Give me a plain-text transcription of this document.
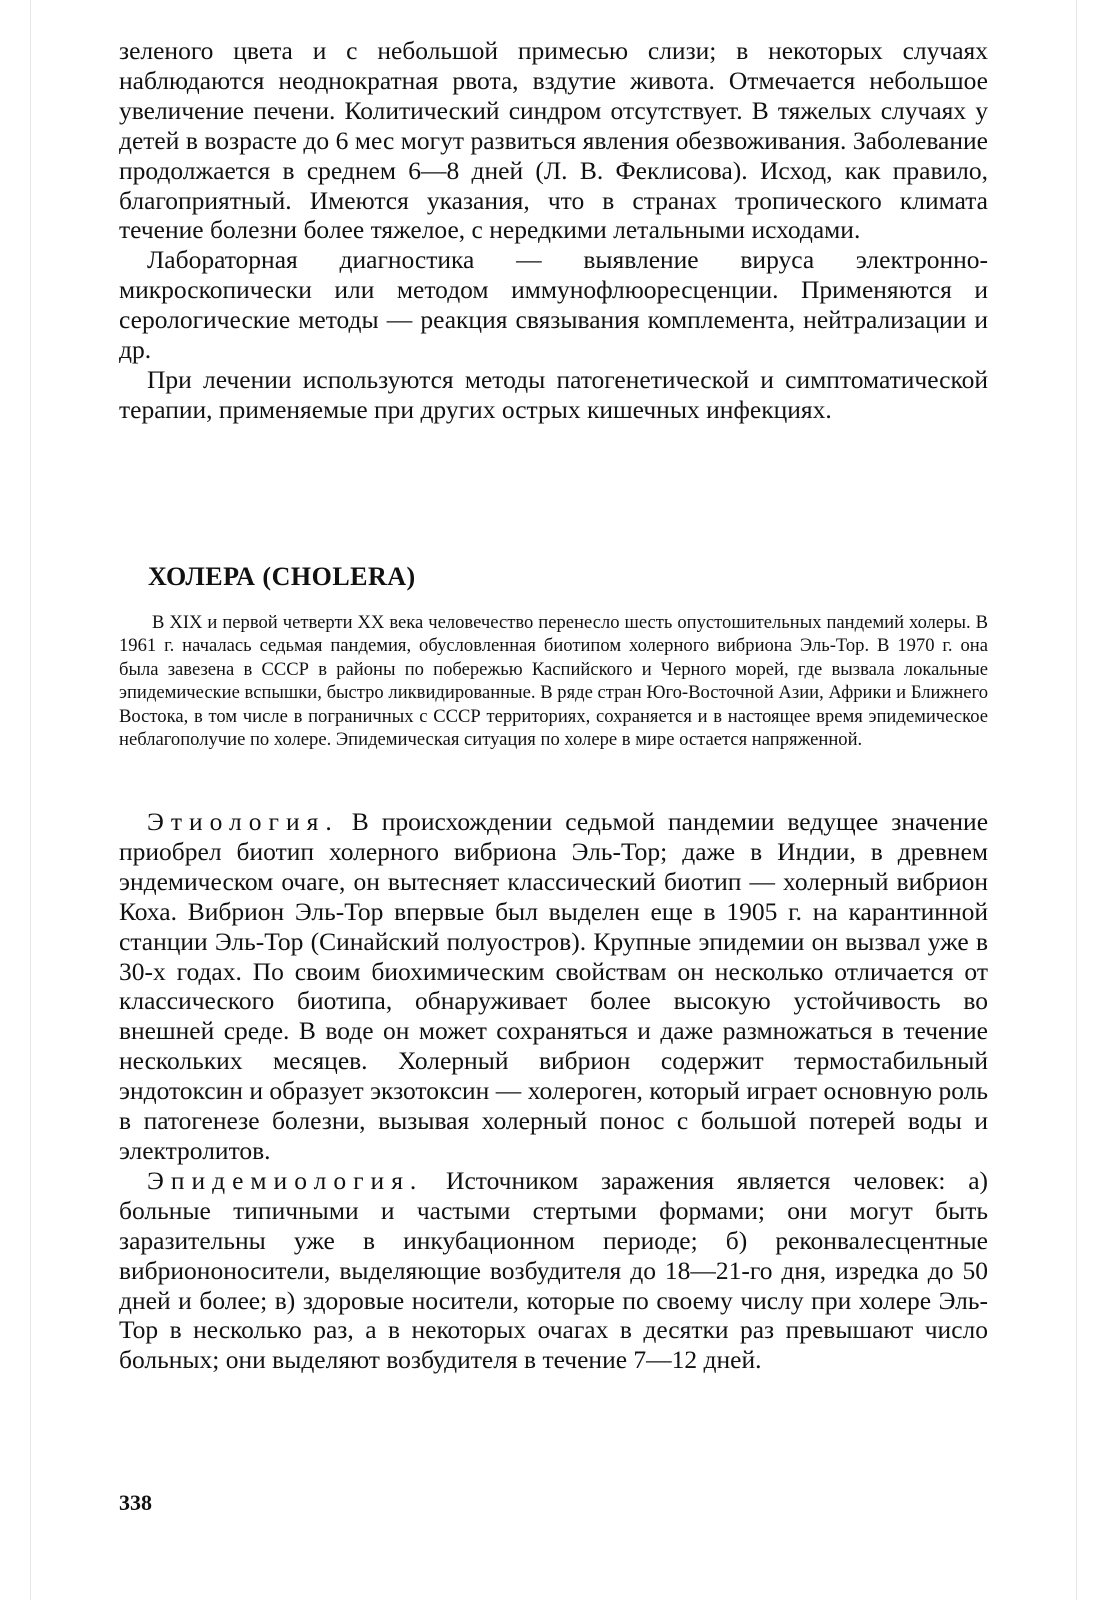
зеленого цвета и с небольшой примесью слизи; в некоторых случаях наблюдаются неоднократная рвота, вздутие живота. Отмечается небольшое увеличение печени. Колитический синдром отсутствует. В тяжелых случаях у детей в возрасте до 6 мес могут развиться явления обезвоживания. Заболевание продолжается в среднем 6—8 дней (Л. В. Феклисова). Исход, как правило, благоприятный. Имеются указания, что в странах тропического климата течение болезни более тяжелое, с нередкими летальными исходами.

Лабораторная диагностика — выявление вируса электронно-микроскопически или методом иммунофлюоресценции. Применяются и серологические методы — реакция связывания комплемента, нейтрализации и др.

При лечении используются методы патогенетической и симптоматической терапии, применяемые при других острых кишечных инфекциях.

ХОЛЕРА (CHOLERA)

В XIX и первой четверти XX века человечество перенесло шесть опустошительных пандемий холеры. В 1961 г. началась седьмая пандемия, обусловленная биотипом холерного вибриона Эль-Тор. В 1970 г. она была завезена в СССР в районы по побережью Каспийского и Черного морей, где вызвала локальные эпидемические вспышки, быстро ликвидированные. В ряде стран Юго-Восточной Азии, Африки и Ближнего Востока, в том числе в пограничных с СССР территориях, сохраняется и в настоящее время эпидемическое неблагополучие по холере. Эпидемическая ситуация по холере в мире остается напряженной.

Этиология. В происхождении седьмой пандемии ведущее значение приобрел биотип холерного вибриона Эль-Тор; даже в Индии, в древнем эндемическом очаге, он вытесняет классический биотип — холерный вибрион Коха. Вибрион Эль-Тор впервые был выделен еще в 1905 г. на карантинной станции Эль-Тор (Синайский полуостров). Крупные эпидемии он вызвал уже в 30-х годах. По своим биохимическим свойствам он несколько отличается от классического биотипа, обнаруживает более высокую устойчивость во внешней среде. В воде он может сохраняться и даже размножаться в течение нескольких месяцев. Холерный вибрион содержит термостабильный эндотоксин и образует экзотоксин — холероген, который играет основную роль в патогенезе болезни, вызывая холерный понос с большой потерей воды и электролитов.

Эпидемиология. Источником заражения является человек: а) больные типичными и частыми стертыми формами; они могут быть заразительны уже в инкубационном периоде; б) реконвалесцентные вибриононосители, выделяющие возбудителя до 18—21-го дня, изредка до 50 дней и более; в) здоровые носители, которые по своему числу при холере Эль-Тор в несколько раз, а в некоторых очагах в десятки раз превышают число больных; они выделяют возбудителя в течение 7—12 дней.

338
